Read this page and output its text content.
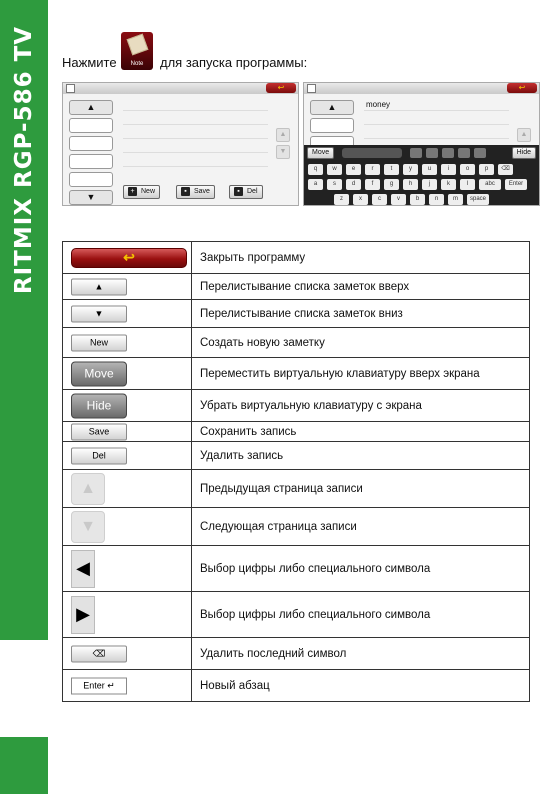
RITMIX RGP-586 TV Нажмите	для запуска программы:
Note
↩
▲
▼
▲
▼
+ New	▪ Save	▪ Del
↩
▲	money
▲
Move	Hide
q	w	e	r	t	y	u	i	o	p ⌫
a	s	d	f	g	h	j	k	l	abc Enter
z	x	c	v	b	n m space
↩	Закрыть программу

▲	Перелистывание списка заметок вверх

▼	Перелистывание списка заметок вниз

New	Создать новую заметку

Move	Переместить виртуальную клавиатуру вверх экрана

Hide	Убрать виртуальную клавиатуру с экрана

Save	Сохранить запись

Del	Удалить запись

▲	Предыдущая страница записи

▼	Следующая страница записи

◀	Выбор цифры либо специального символа

▶	Выбор цифры либо специального символа

⌫	Удалить последний символ

Enter ↵	Новый абзац
